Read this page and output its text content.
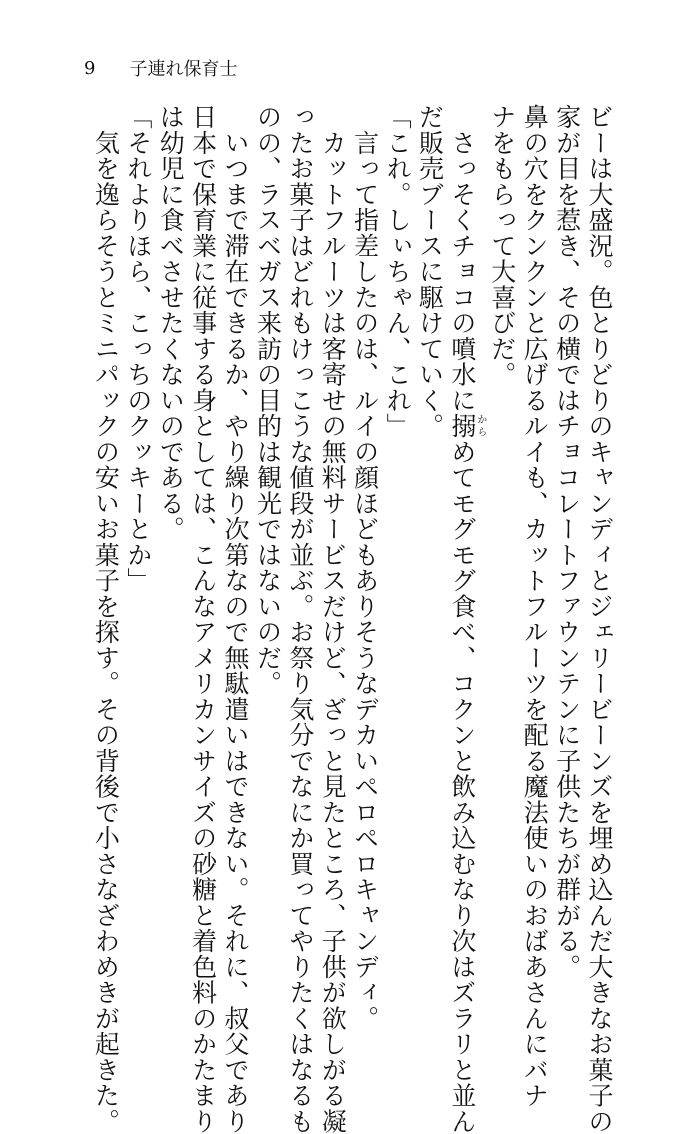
9 子連れ保育士
ビーは大盛況。色とりどりのキャンディとジェリービーンズを埋め込んだ大きなお菓子の
家が目を惹き、その横ではチョコレートファウンテンに子供たちが群がる。
鼻の穴をクンクンと広げるルイも、カットフルーツを配る魔法使いのおばあさんにバナ
ナをもらって大喜びだ。
　さっそくチョコの噴水に搦からめてモグモグ食べ、コクンと飲み込むなり次はズラリと並ん
だ販売ブースに駆けていく。
「これ。しぃちゃん、これ」
　言って指差したのは、ルイの顔ほどもありそうなデカいペロペロキャンディ。
　カットフルーツは客寄せの無料サービスだけど、ざっと見たところ、子供が欲しがる凝
ったお菓子はどれもけっこうな値段が並ぶ。お祭り気分でなにか買ってやりたくはなるも
のの、ラスベガス来訪の目的は観光ではないのだ。
　いつまで滞在できるか、やり繰り次第なので無駄遣いはできない。それに、叔父であり
日本で保育業に従事する身としては、こんなアメリカンサイズの砂糖と着色料のかたまり
は幼児に食べさせたくないのである。
「それよりほら、こっちのクッキーとか」
　気を逸らそうとミニパックの安いお菓子を探す。その背後で小さなざわめきが起きた。
